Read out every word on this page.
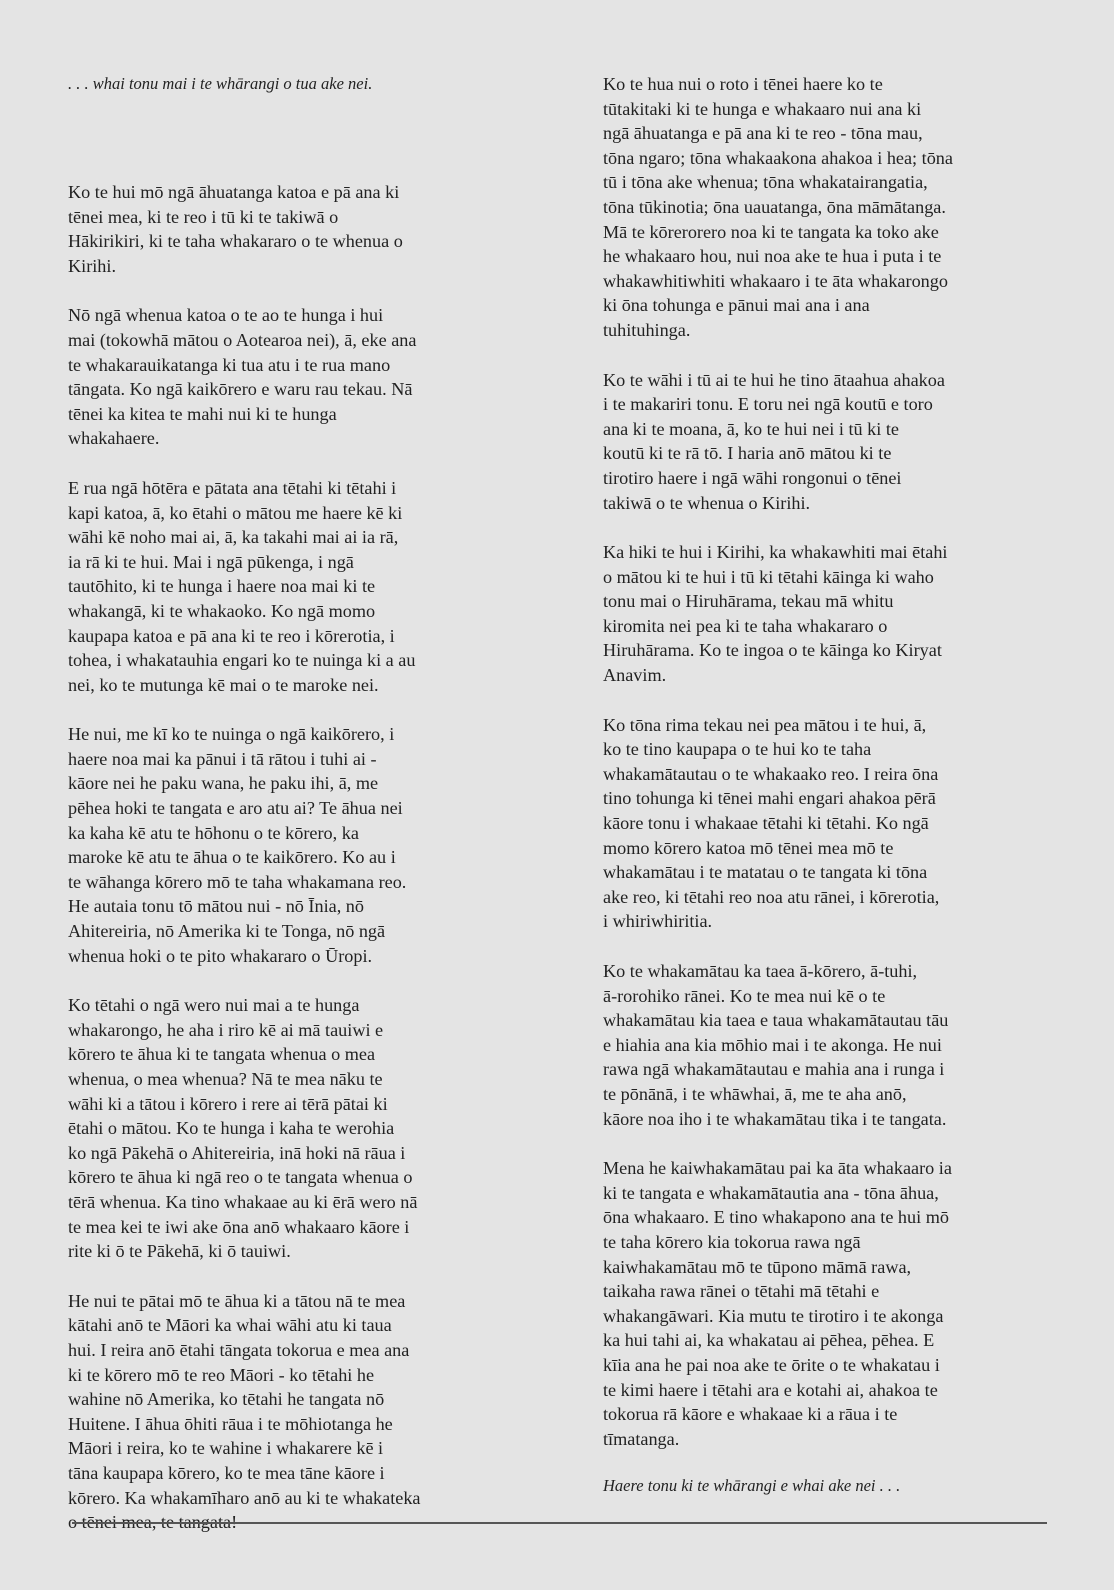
. . . whai tonu mai i te whārangi o tua ake nei.

Ko te hui mō ngā āhuatanga katoa e pā ana ki
tēnei mea, ki te reo i tū ki te takiwā o
Hākirikiri, ki te taha whakararo o te whenua o
Kirihi.

Nō ngā whenua katoa o te ao te hunga i hui
mai (tokowhā mātou o Aotearoa nei), ā, eke ana
te whakarauikatanga ki tua atu i te rua mano
tāngata. Ko ngā kaikōrero e waru rau tekau. Nā
tēnei ka kitea te mahi nui ki te hunga
whakahaere.

E rua ngā hōtēra e pātata ana tētahi ki tētahi i
kapi katoa, ā, ko ētahi o mātou me haere kē ki
wāhi kē noho mai ai, ā, ka takahi mai ai ia rā,
ia rā ki te hui. Mai i ngā pūkenga, i ngā
tautōhito, ki te hunga i haere noa mai ki te
whakangā, ki te whakaoko. Ko ngā momo
kaupapa katoa e pā ana ki te reo i kōrerotia, i
tohea, i whakatauhia engari ko te nuinga ki a au
nei, ko te mutunga kē mai o te maroke nei.

He nui, me kī ko te nuinga o ngā kaikōrero, i
haere noa mai ka pānui i tā rātou i tuhi ai -
kāore nei he paku wana, he paku ihi, ā, me
pēhea hoki te tangata e aro atu ai? Te āhua nei
ka kaha kē atu te hōhonu o te kōrero, ka
maroke kē atu te āhua o te kaikōrero. Ko au i
te wāhanga kōrero mō te taha whakamana reo.
He autaia tonu tō mātou nui - nō Īnia, nō
Ahitereiria, nō Amerika ki te Tonga, nō ngā
whenua hoki o te pito whakararo o Ūropi.

Ko tētahi o ngā wero nui mai a te hunga
whakarongo, he aha i riro kē ai mā tauiwi e
kōrero te āhua ki te tangata whenua o mea
whenua, o mea whenua? Nā te mea nāku te
wāhi ki a tātou i kōrero i rere ai tērā pātai ki
ētahi o mātou. Ko te hunga i kaha te werohia
ko ngā Pākehā o Ahitereiria, inā hoki nā rāua i
kōrero te āhua ki ngā reo o te tangata whenua o
tērā whenua. Ka tino whakaae au ki ērā wero nā
te mea kei te iwi ake ōna anō whakaaro kāore i
rite ki ō te Pākehā, ki ō tauiwi.

He nui te pātai mō te āhua ki a tātou nā te mea
kātahi anō te Māori ka whai wāhi atu ki taua
hui. I reira anō ētahi tāngata tokorua e mea ana
ki te kōrero mō te reo Māori - ko tētahi he
wahine nō Amerika, ko tētahi he tangata nō
Huitene. I āhua ōhiti rāua i te mōhiotanga he
Māori i reira, ko te wahine i whakarere kē i
tāna kaupapa kōrero, ko te mea tāne kāore i
kōrero. Ka whakamīharo anō au ki te whakateka
o tēnei mea, te tangata!

Ko te hua nui o roto i tēnei haere ko te
tūtakitaki ki te hunga e whakaaro nui ana ki
ngā āhuatanga e pā ana ki te reo - tōna mau,
tōna ngaro; tōna whakaakona ahakoa i hea; tōna
tū i tōna ake whenua; tōna whakatairangatia,
tōna tūkinotia; ōna uauatanga, ōna māmātanga.
Mā te kōrerorero noa ki te tangata ka toko ake
he whakaaro hou, nui noa ake te hua i puta i te
whakawhitiwhiti whakaaro i te āta whakarongo
ki ōna tohunga e pānui mai ana i ana
tuhituhinga.

Ko te wāhi i tū ai te hui he tino ātaahua ahakoa
i te makariri tonu. E toru nei ngā koutū e toro
ana ki te moana, ā, ko te hui nei i tū ki te
koutū ki te rā tō. I haria anō mātou ki te
tirotiro haere i ngā wāhi rongonui o tēnei
takiwā o te whenua o Kirihi.

Ka hiki te hui i Kirihi, ka whakawhiti mai ētahi
o mātou ki te hui i tū ki tētahi kāinga ki waho
tonu mai o Hiruhārama, tekau mā whitu
kiromita nei pea ki te taha whakararo o
Hiruhārama. Ko te ingoa o te kāinga ko Kiryat
Anavim.

Ko tōna rima tekau nei pea mātou i te hui, ā,
ko te tino kaupapa o te hui ko te taha
whakamātautau o te whakaako reo. I reira ōna
tino tohunga ki tēnei mahi engari ahakoa pērā
kāore tonu i whakaae tētahi ki tētahi. Ko ngā
momo kōrero katoa mō tēnei mea mō te
whakamātau i te matatau o te tangata ki tōna
ake reo, ki tētahi reo noa atu rānei, i kōrerotia,
i whiriwhiritia.

Ko te whakamātau ka taea ā-kōrero, ā-tuhi,
ā-rorohiko rānei. Ko te mea nui kē o te
whakamātau kia taea e taua whakamātautau tāu
e hiahia ana kia mōhio mai i te akonga. He nui
rawa ngā whakamātautau e mahia ana i runga i
te pōnānā, i te whāwhai, ā, me te aha anō,
kāore noa iho i te whakamātau tika i te tangata.

Mena he kaiwhakamātau pai ka āta whakaaro ia
ki te tangata e whakamātautia ana - tōna āhua,
ōna whakaaro. E tino whakapono ana te hui mō
te taha kōrero kia tokorua rawa ngā
kaiwhakamātau mō te tūpono māmā rawa,
taikaha rawa rānei o tētahi mā tētahi e
whakangāwari. Kia mutu te tirotiro i te akonga
ka hui tahi ai, ka whakatau ai pēhea, pēhea. E
kīia ana he pai noa ake te ōrite o te whakatau i
te kimi haere i tētahi ara e kotahi ai, ahakoa te
tokorua rā kāore e whakaae ki a rāua i te
tīmatanga.

Haere tonu ki te whārangi e whai ake nei . . .
